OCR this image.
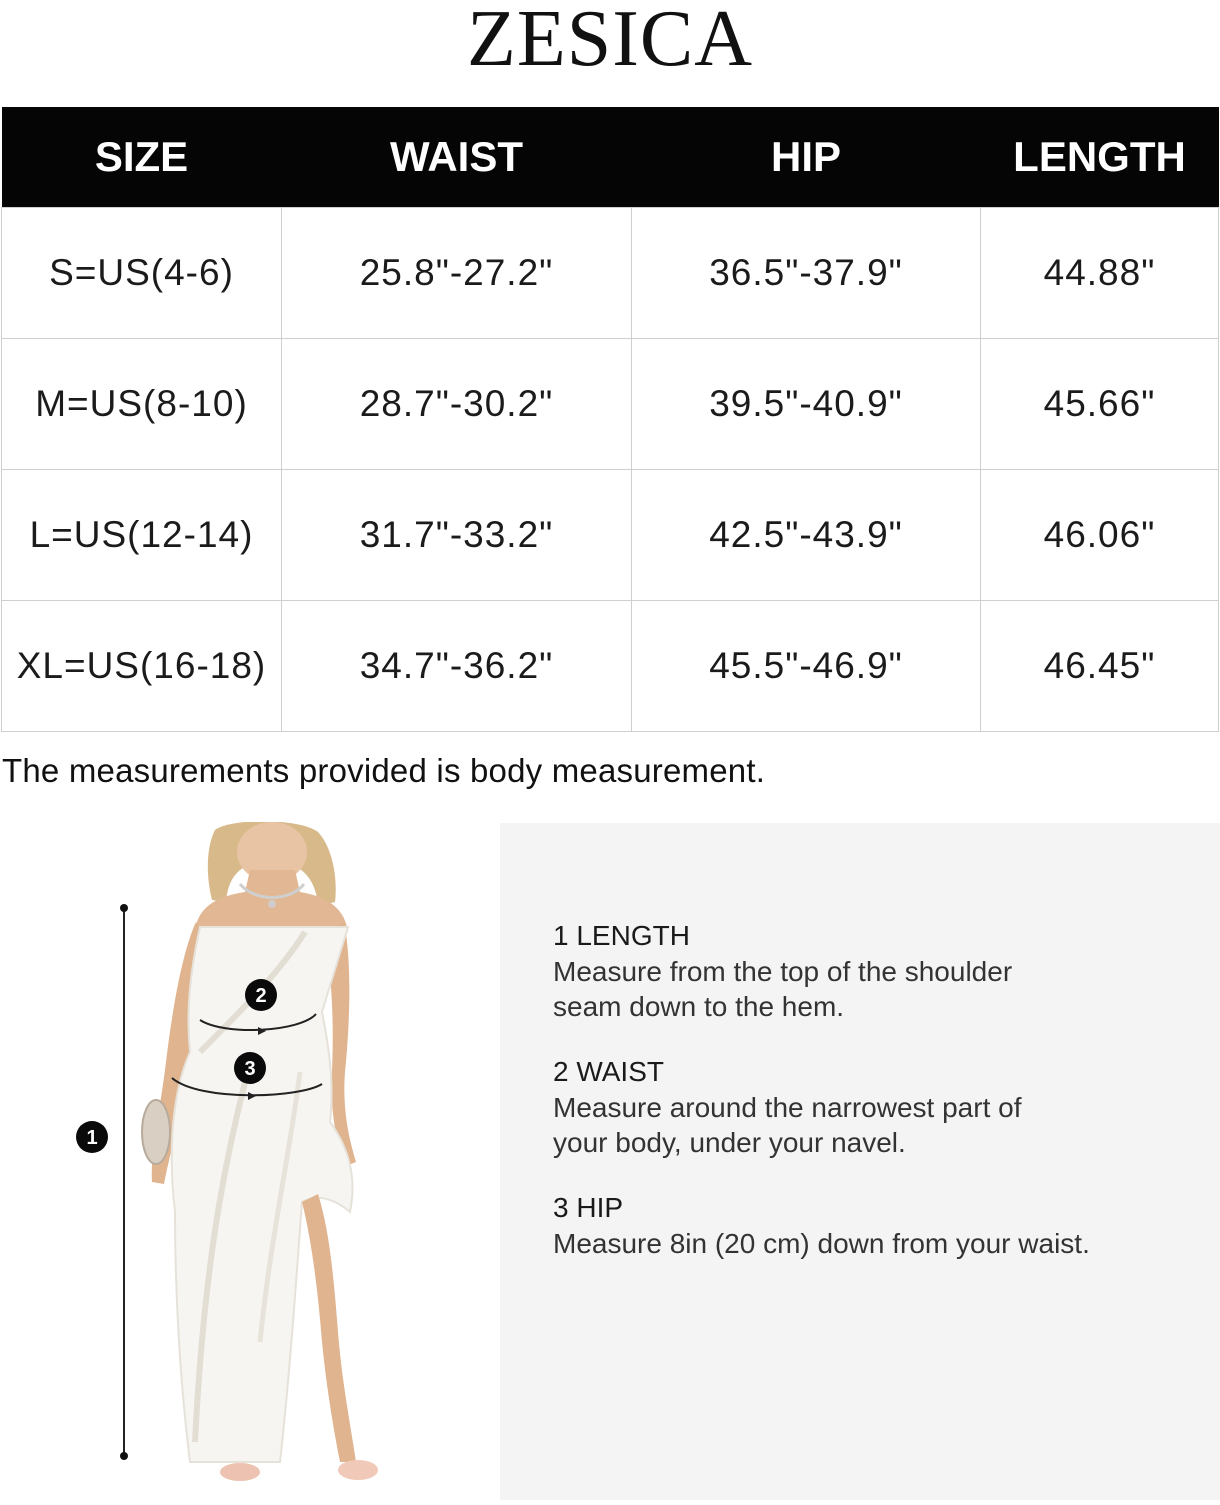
ZESICA
SIZE	WAIST	HIP	LENGTH
S=US(4-6)	25.8"-27.2"	36.5"-37.9"	44.88"
M=US(8-10)	28.7"-30.2"	39.5"-40.9"	45.66"
L=US(12-14)	31.7"-33.2"	42.5"-43.9"	46.06"
XL=US(16-18)	34.7"-36.2"	45.5"-46.9"	46.45"
The measurements provided is body measurement.
1
2
3
1 LENGTH
Measure from the top of the shoulder
seam down to the hem.
2 WAIST
Measure around the narrowest part of
your body, under your navel.
3 HIP
Measure 8in (20 cm) down from your waist.
